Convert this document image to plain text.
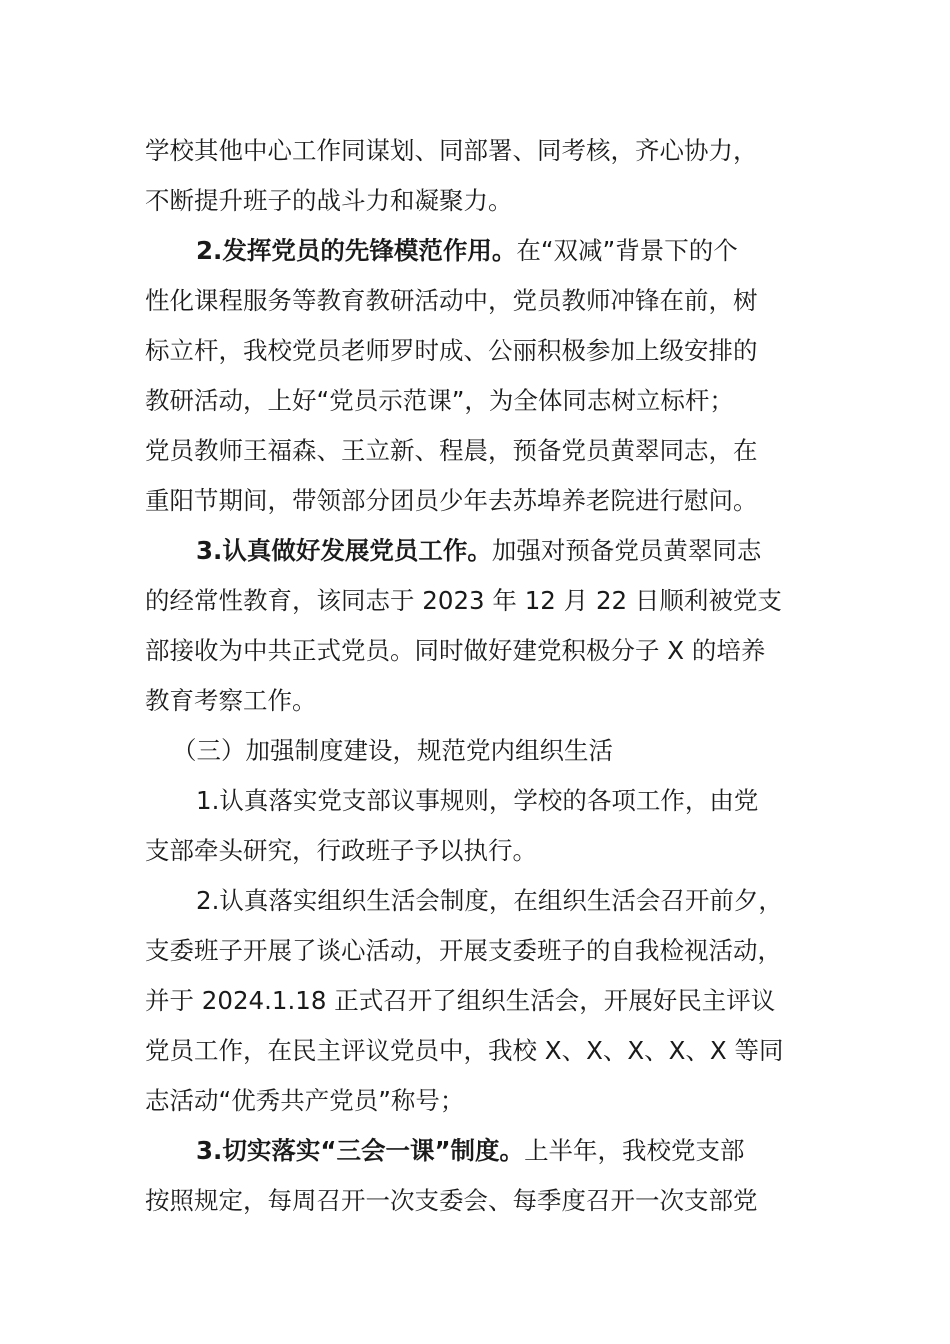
学校其他中心工作同谋划、同部署、同考核，齐心协力，
不断提升班子的战斗力和凝聚力。
2.发挥党员的先锋模范作用。在“双减”背景下的个
性化课程服务等教育教研活动中，党员教师冲锋在前，树
标立杆，我校党员老师罗时成、公丽积极参加上级安排的
教研活动，上好“党员示范课”，为全体同志树立标杆；
党员教师王福森、王立新、程晨，预备党员黄翠同志，在
重阳节期间，带领部分团员少年去苏埠养老院进行慰问。
3.认真做好发展党员工作。加强对预备党员黄翠同志
的经常性教育，该同志于 2023 年 12 月 22 日顺利被党支
部接收为中共正式党员。同时做好建党积极分子 X 的培养
教育考察工作。
（三）加强制度建设，规范党内组织生活
1.认真落实党支部议事规则，学校的各项工作，由党
支部牵头研究，行政班子予以执行。
2.认真落实组织生活会制度，在组织生活会召开前夕，
支委班子开展了谈心活动，开展支委班子的自我检视活动，
并于 2024.1.18 正式召开了组织生活会，开展好民主评议
党员工作，在民主评议党员中，我校 X、X、X、X、X 等同
志活动“优秀共产党员”称号；
3.切实落实“三会一课”制度。上半年，我校党支部
按照规定，每周召开一次支委会、每季度召开一次支部党
